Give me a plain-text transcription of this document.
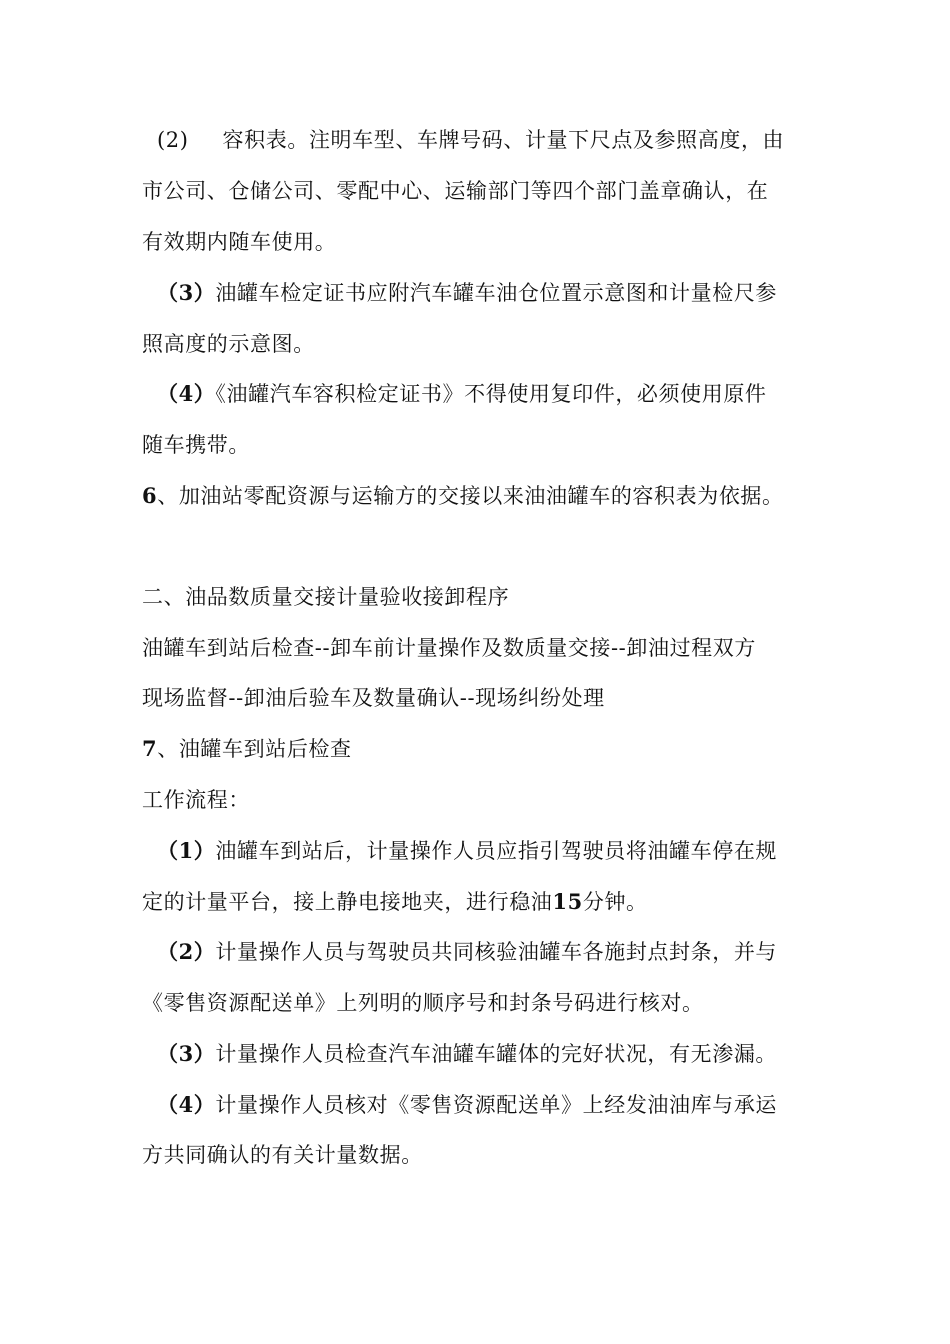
(2) 容积表。注明车型、车牌号码、计量下尺点及参照高度，由
市公司、仓储公司、零配中心、运输部门等四个部门盖章确认，在
有效期内随车使用。
（3）油罐车检定证书应附汽车罐车油仓位置示意图和计量检尺参
照高度的示意图。
（4）《油罐汽车容积检定证书》不得使用复印件，必须使用原件
随车携带。
6、加油站零配资源与运输方的交接以来油油罐车的容积表为依据。
二、油品数质量交接计量验收接卸程序
油罐车到站后检查--卸车前计量操作及数质量交接--卸油过程双方
现场监督--卸油后验车及数量确认--现场纠纷处理
7、油罐车到站后检查
工作流程：
（1）油罐车到站后，计量操作人员应指引驾驶员将油罐车停在规
定的计量平台，接上静电接地夹，进行稳油15分钟。
（2）计量操作人员与驾驶员共同核验油罐车各施封点封条，并与
《零售资源配送单》上列明的顺序号和封条号码进行核对。
（3）计量操作人员检查汽车油罐车罐体的完好状况，有无渗漏。
（4）计量操作人员核对《零售资源配送单》上经发油油库与承运
方共同确认的有关计量数据。
